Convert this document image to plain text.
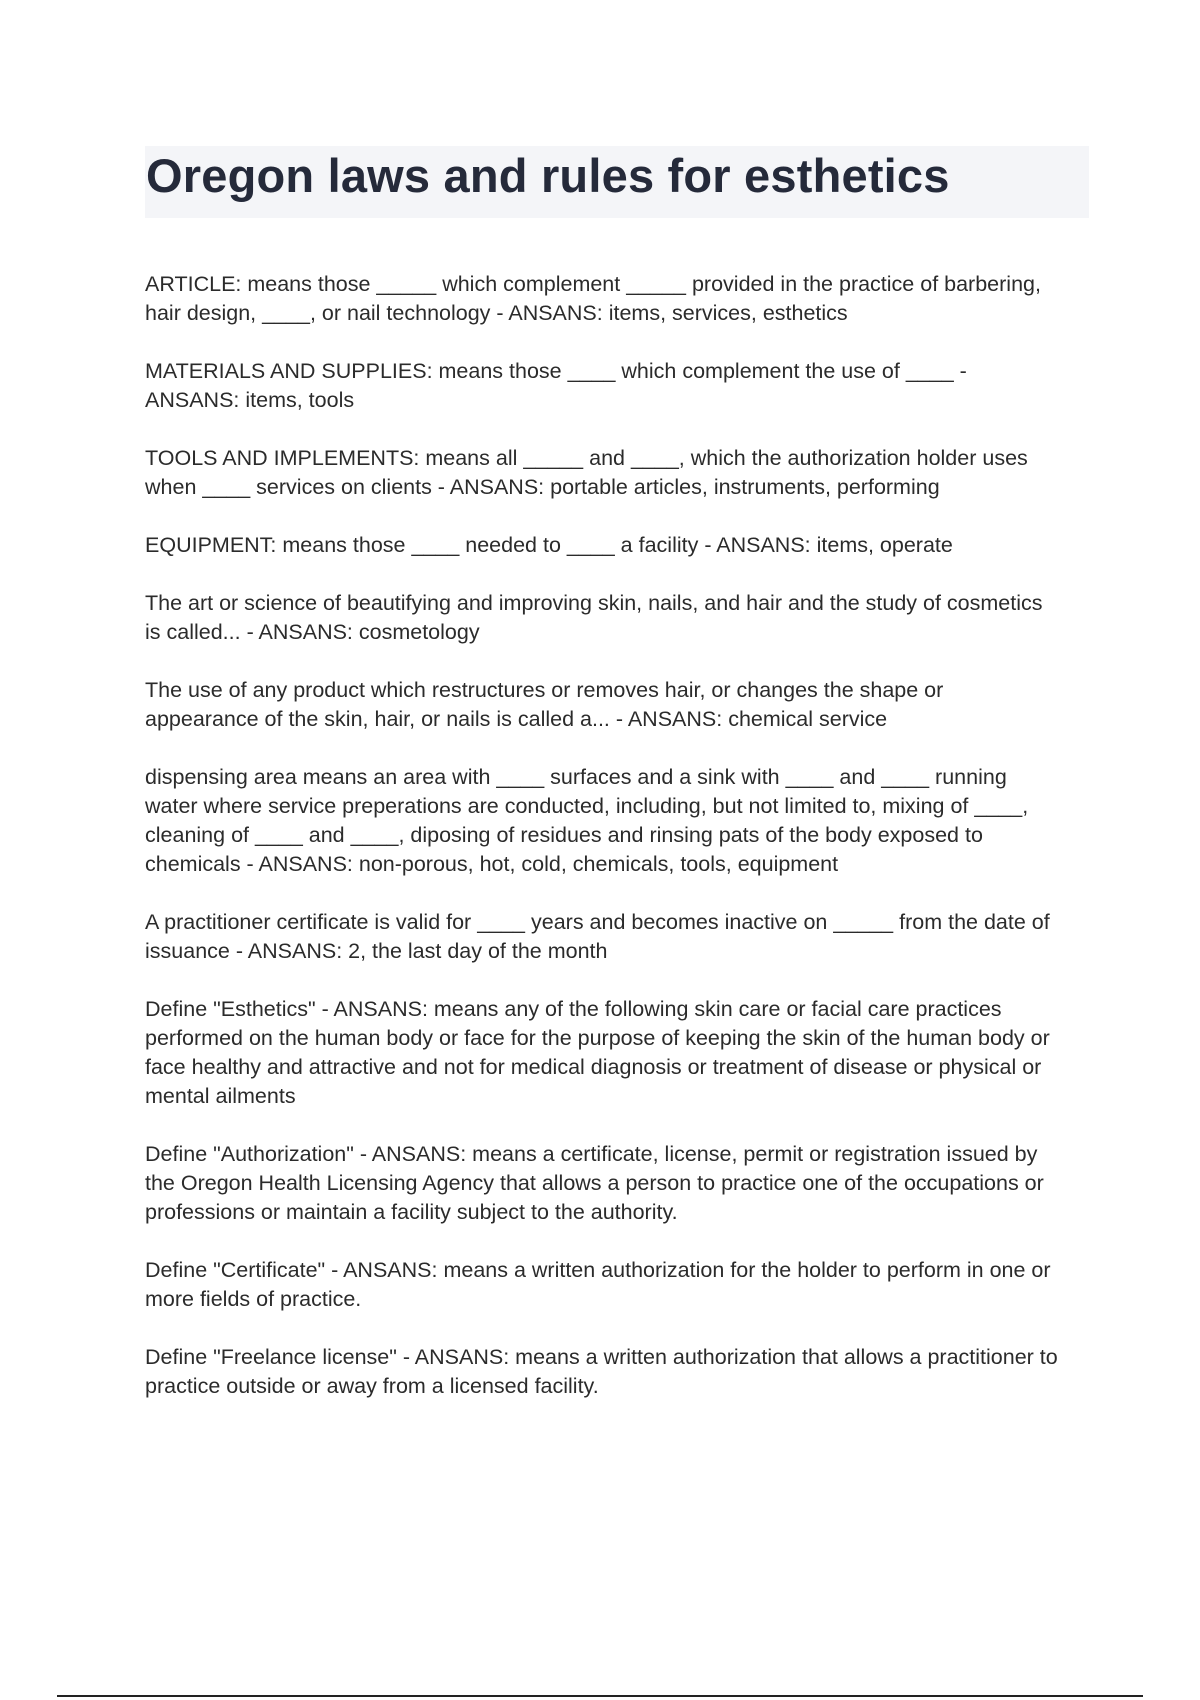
Oregon laws and rules for esthetics

ARTICLE: means those _____ which complement _____ provided in the practice of barbering,
hair design, ____, or nail technology - ANSANS: items, services, esthetics

MATERIALS AND SUPPLIES: means those ____ which complement the use of ____ -
ANSANS: items, tools

TOOLS AND IMPLEMENTS: means all _____ and ____, which the authorization holder uses
when ____ services on clients - ANSANS: portable articles, instruments, performing

EQUIPMENT: means those ____ needed to ____ a facility - ANSANS: items, operate

The art or science of beautifying and improving skin, nails, and hair and the study of cosmetics
is called... - ANSANS: cosmetology

The use of any product which restructures or removes hair, or changes the shape or
appearance of the skin, hair, or nails is called a... - ANSANS: chemical service

dispensing area means an area with ____ surfaces and a sink with ____ and ____ running
water where service preperations are conducted, including, but not limited to, mixing of ____,
cleaning of ____ and ____, diposing of residues and rinsing pats of the body exposed to
chemicals - ANSANS: non-porous, hot, cold, chemicals, tools, equipment

A practitioner certificate is valid for ____ years and becomes inactive on _____ from the date of
issuance - ANSANS: 2, the last day of the month

Define "Esthetics" - ANSANS: means any of the following skin care or facial care practices
performed on the human body or face for the purpose of keeping the skin of the human body or
face healthy and attractive and not for medical diagnosis or treatment of disease or physical or
mental ailments

Define "Authorization" - ANSANS: means a certificate, license, permit or registration issued by
the Oregon Health Licensing Agency that allows a person to practice one of the occupations or
professions or maintain a facility subject to the authority.

Define "Certificate" - ANSANS: means a written authorization for the holder to perform in one or
more fields of practice.

Define "Freelance license" - ANSANS: means a written authorization that allows a practitioner to
practice outside or away from a licensed facility.
